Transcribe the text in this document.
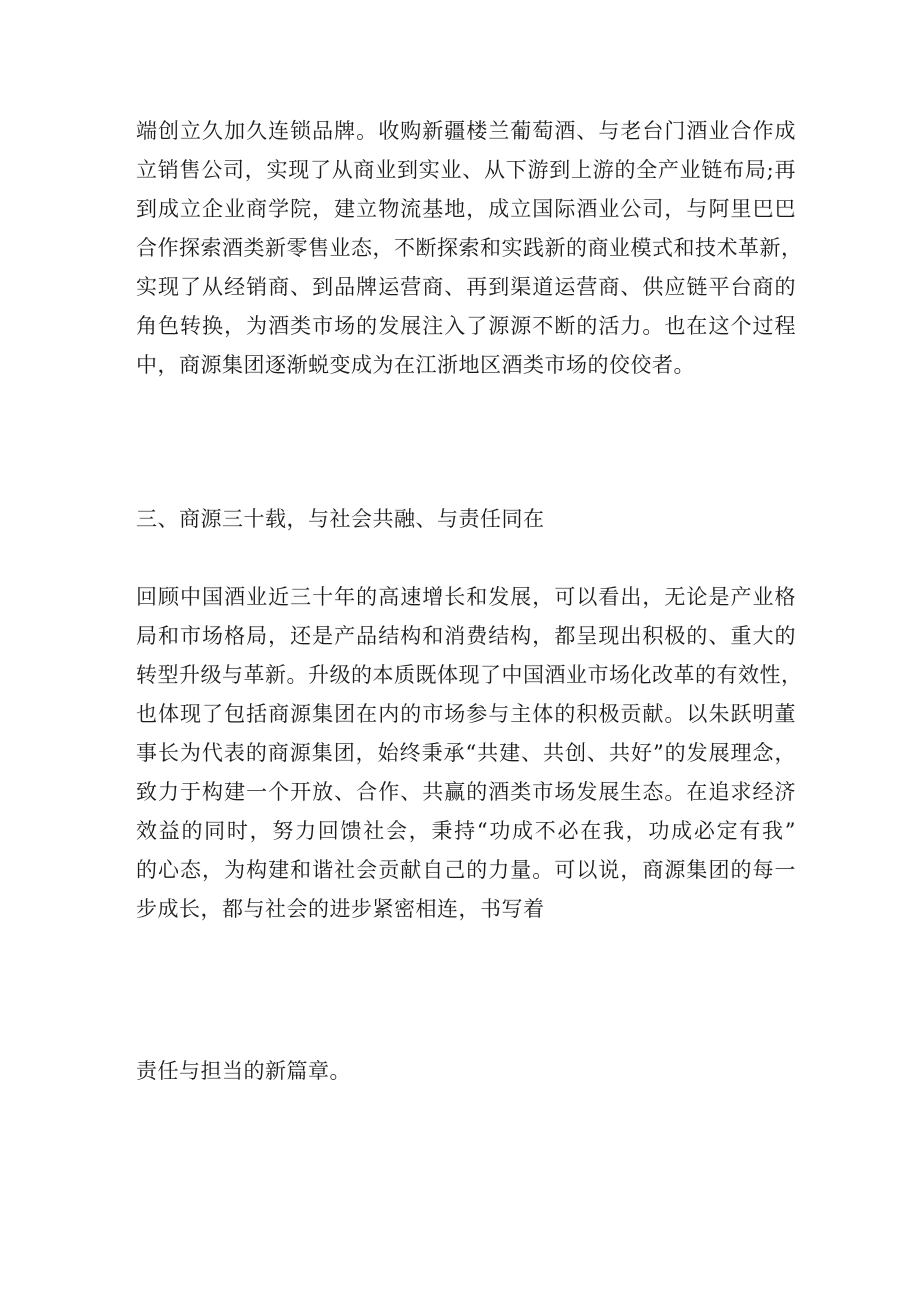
端创立久加久连锁品牌。收购新疆楼兰葡萄酒、与老台门酒业合作成
立销售公司，实现了从商业到实业、从下游到上游的全产业链布局;再
到成立企业商学院，建立物流基地，成立国际酒业公司，与阿里巴巴
合作探索酒类新零售业态，不断探索和实践新的商业模式和技术革新，
实现了从经销商、到品牌运营商、再到渠道运营商、供应链平台商的
角色转换，为酒类市场的发展注入了源源不断的活力。也在这个过程
中，商源集团逐渐蜕变成为在江浙地区酒类市场的佼佼者。
三、商源三十载，与社会共融、与责任同在
回顾中国酒业近三十年的高速增长和发展，可以看出，无论是产业格
局和市场格局，还是产品结构和消费结构，都呈现出积极的、重大的
转型升级与革新。升级的本质既体现了中国酒业市场化改革的有效性，
也体现了包括商源集团在内的市场参与主体的积极贡献。以朱跃明董
事长为代表的商源集团，始终秉承“共建、共创、共好”的发展理念，
致力于构建一个开放、合作、共赢的酒类市场发展生态。在追求经济
效益的同时，努力回馈社会，秉持“功成不必在我，功成必定有我”
的心态，为构建和谐社会贡献自己的力量。可以说，商源集团的每一
步成长，都与社会的进步紧密相连，书写着
责任与担当的新篇章。
